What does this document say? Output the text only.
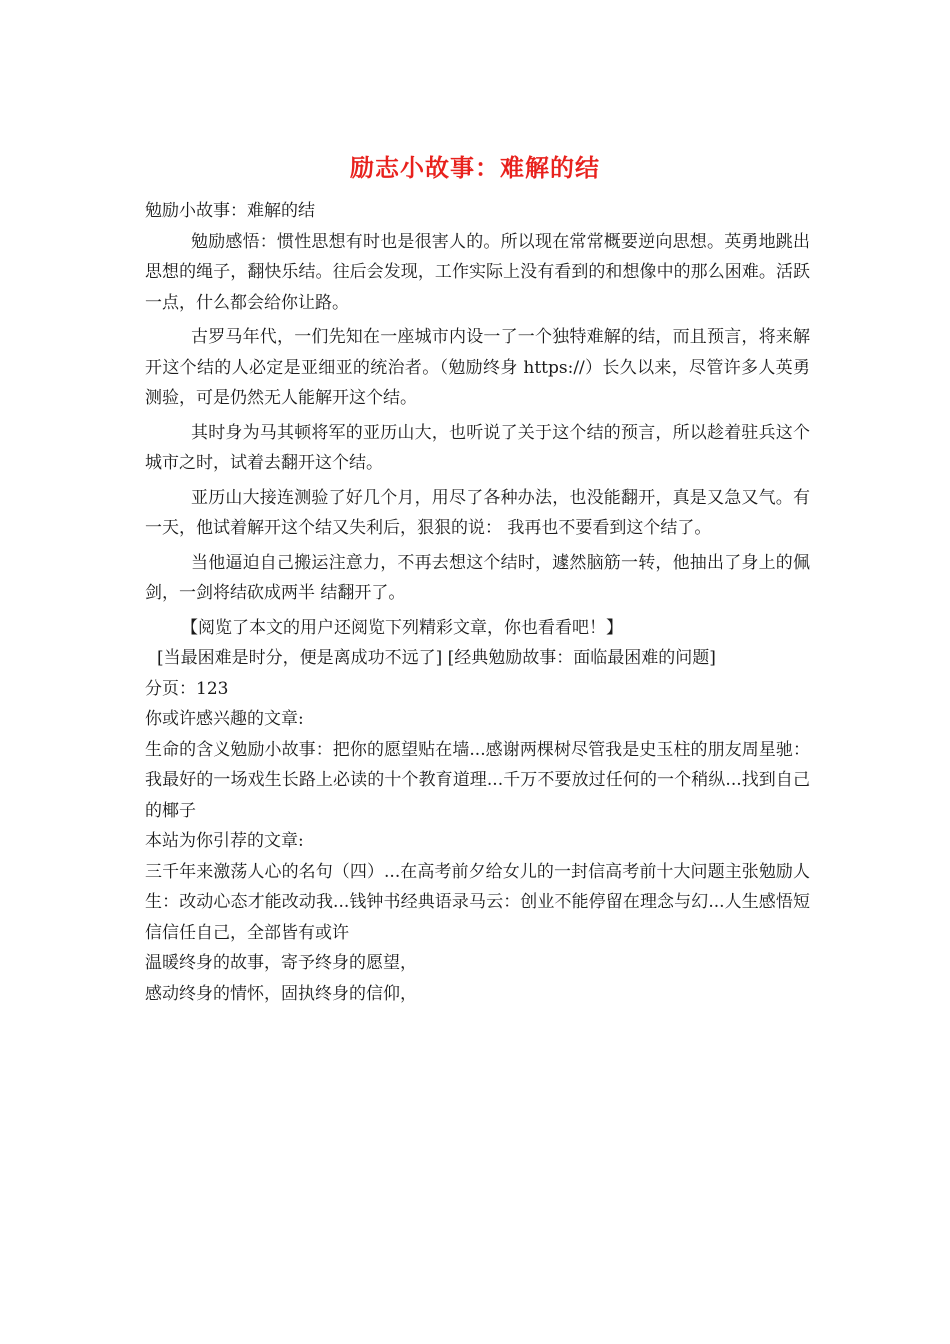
励志小故事：难解的结

勉励小故事：难解的结

勉励感悟：惯性思想有时也是很害人的。所以现在常常概要逆向思想。英勇地跳出思想的绳子，翻快乐结。往后会发现，工作实际上没有看到的和想像中的那么困难。活跃一点，什么都会给你让路。

古罗马年代，一们先知在一座城市内设一了一个独特难解的结，而且预言，将来解开这个结的人必定是亚细亚的统治者。（勉励终身 https://）长久以来，尽管许多人英勇测验，可是仍然无人能解开这个结。

其时身为马其顿将军的亚历山大，也听说了关于这个结的预言，所以趁着驻兵这个城市之时，试着去翻开这个结。

亚历山大接连测验了好几个月，用尽了各种办法，也没能翻开，真是又急又气。有一天，他试着解开这个结又失利后，狠狠的说： 我再也不要看到这个结了。

当他逼迫自己搬运注意力，不再去想这个结时，遽然脑筋一转，他抽出了身上的佩剑，一剑将结砍成两半 结翻开了。

【阅览了本文的用户还阅览下列精彩文章，你也看看吧！】

[当最困难是时分，便是离成功不远了] [经典勉励故事：面临最困难的问题]

分页：123

你或许感兴趣的文章:

生命的含义勉励小故事：把你的愿望贴在墙...感谢两棵树尽管我是史玉柱的朋友周星驰：我最好的一场戏生长路上必读的十个教育道理...千万不要放过任何的一个稍纵...找到自己的椰子

本站为你引荐的文章:

三千年来激荡人心的名句（四）...在高考前夕给女儿的一封信高考前十大问题主张勉励人生：改动心态才能改动我...钱钟书经典语录马云：创业不能停留在理念与幻...人生感悟短信信任自己，全部皆有或许

温暖终身的故事，寄予终身的愿望，

感动终身的情怀，固执终身的信仰，
